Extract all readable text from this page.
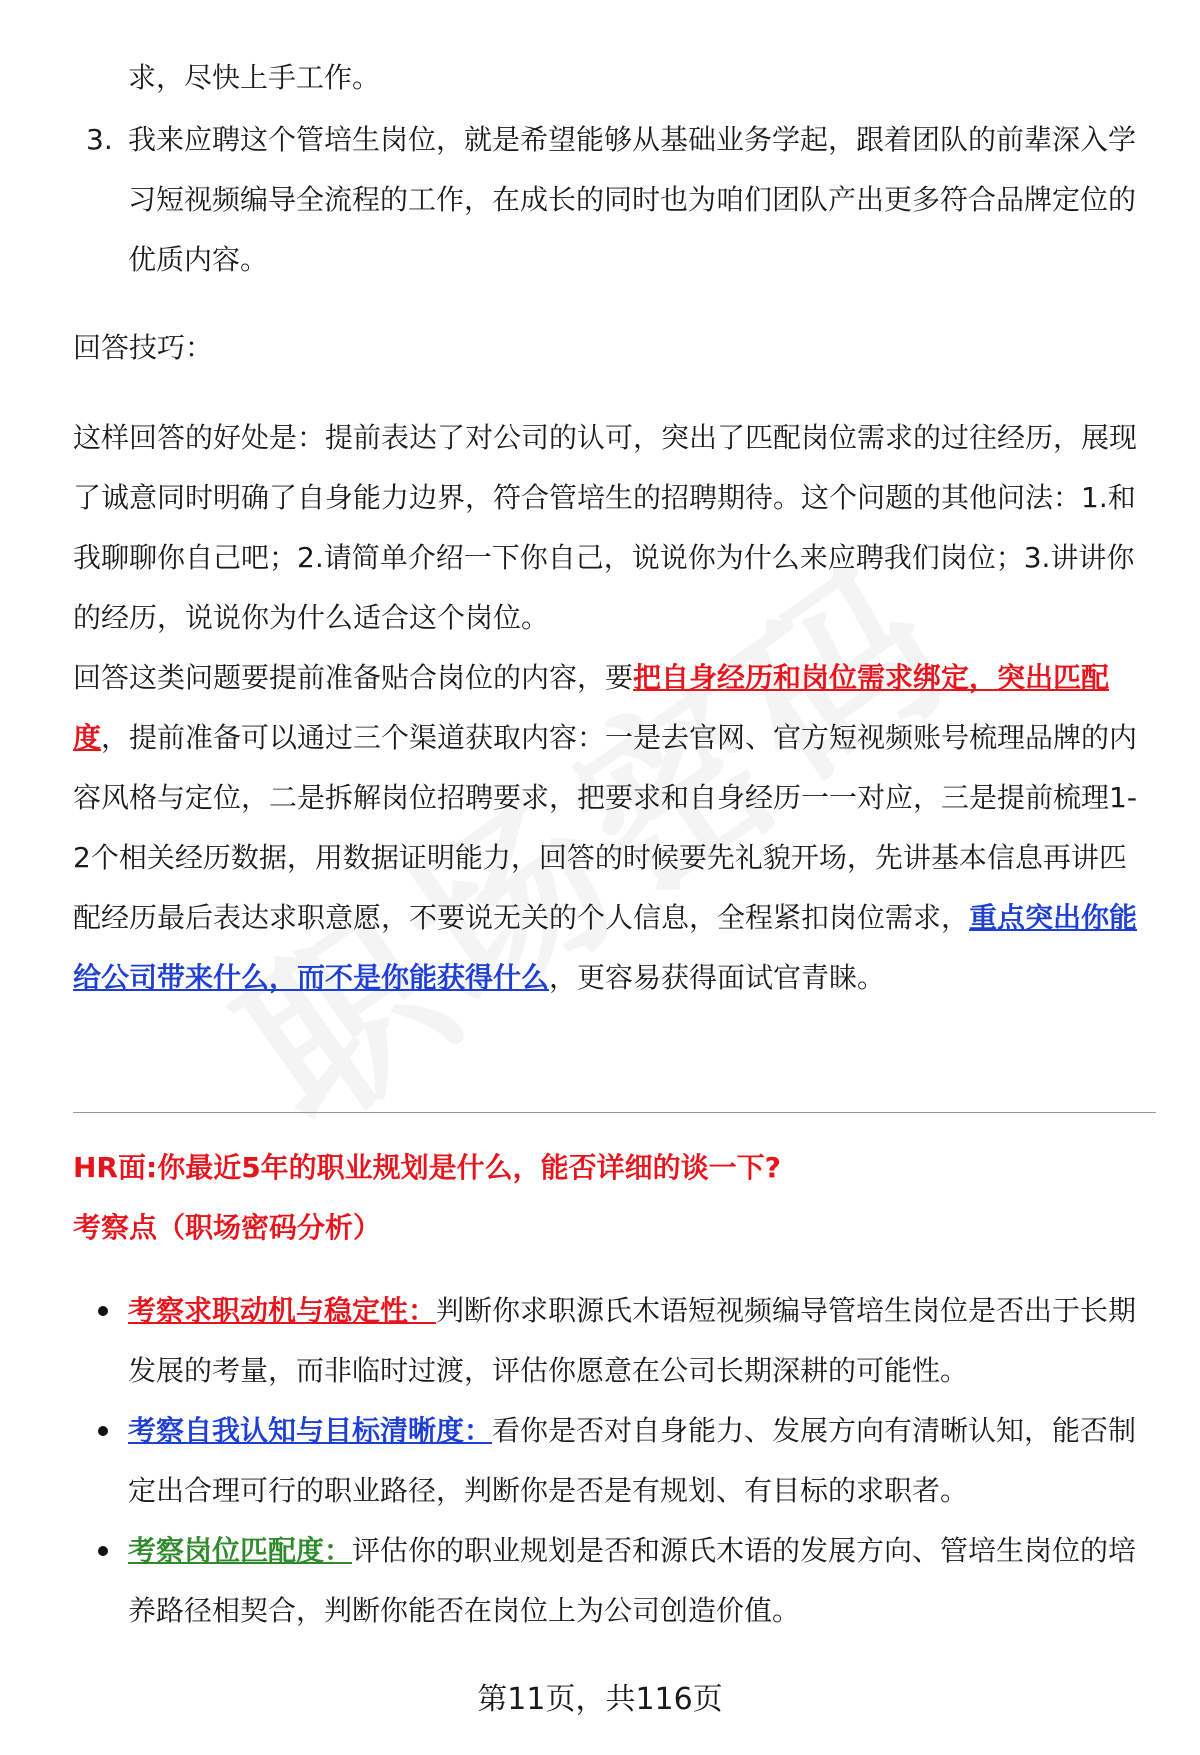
求，尽快上手工作。

3. 我来应聘这个管培生岗位，就是希望能够从基础业务学起，跟着团队的前辈深入学习短视频编导全流程的工作，在成长的同时也为咱们团队产出更多符合品牌定位的优质内容。

回答技巧：

这样回答的好处是：提前表达了对公司的认可，突出了匹配岗位需求的过往经历，展现了诚意同时明确了自身能力边界，符合管培生的招聘期待。这个问题的其他问法：1.和我聊聊你自己吧；2.请简单介绍一下你自己，说说你为什么来应聘我们岗位；3.讲讲你的经历，说说你为什么适合这个岗位。

回答这类问题要提前准备贴合岗位的内容，要把自身经历和岗位需求绑定，突出匹配度，提前准备可以通过三个渠道获取内容：一是去官网、官方短视频账号梳理品牌的内容风格与定位，二是拆解岗位招聘要求，把要求和自身经历一一对应，三是提前梳理1-2个相关经历数据，用数据证明能力，回答的时候要先礼貌开场，先讲基本信息再讲匹配经历最后表达求职意愿，不要说无关的个人信息，全程紧扣岗位需求，重点突出你能给公司带来什么，而不是你能获得什么，更容易获得面试官青睐。

HR面:你最近5年的职业规划是什么，能否详细的谈一下?

考察点（职场密码分析）

考察求职动机与稳定性：判断你求职源氏木语短视频编导管培生岗位是否出于长期发展的考量，而非临时过渡，评估你愿意在公司长期深耕的可能性。

考察自我认知与目标清晰度：看你是否对自身能力、发展方向有清晰认知，能否制定出合理可行的职业路径，判断你是否是有规划、有目标的求职者。

考察岗位匹配度：评估你的职业规划是否和源氏木语的发展方向、管培生岗位的培养路径相契合，判断你能否在岗位上为公司创造价值。

第11页，共116页
